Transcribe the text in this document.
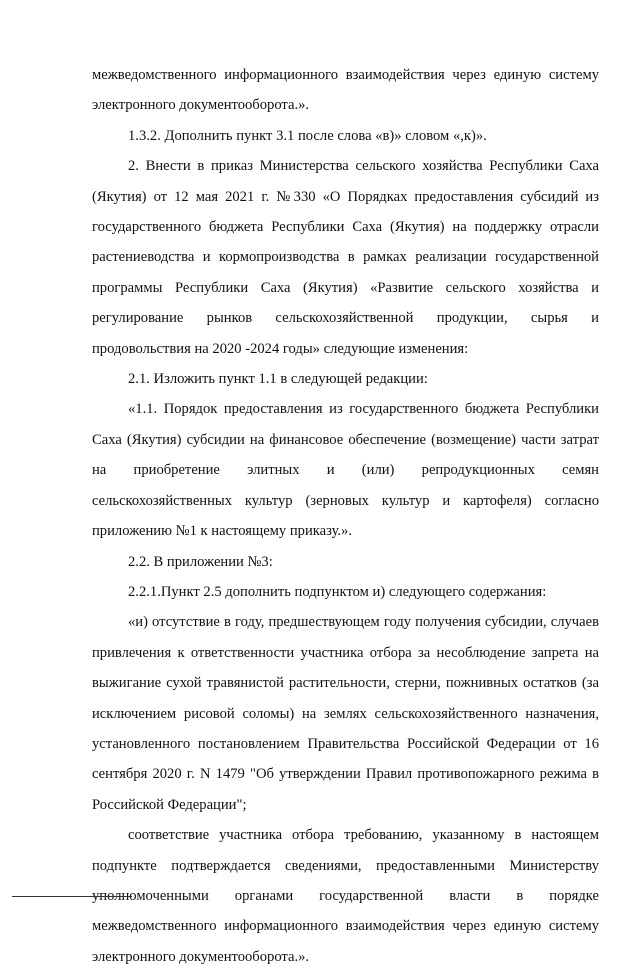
межведомственного информационного взаимодействия через единую систему электронного документооборота.».

1.3.2. Дополнить пункт 3.1 после слова «в)» словом «,к)».

2. Внести в приказ Министерства сельского хозяйства Республики Саха (Якутия) от 12 мая 2021 г. №330 «О Порядках предоставления субсидий из государственного бюджета Республики Саха (Якутия) на поддержку отрасли растениеводства и кормопроизводства в рамках реализации государственной программы Республики Саха (Якутия) «Развитие сельского хозяйства и регулирование рынков сельскохозяйственной продукции, сырья и продовольствия на 2020 -2024 годы» следующие изменения:

2.1. Изложить пункт 1.1 в следующей редакции:

«1.1. Порядок предоставления из государственного бюджета Республики Саха (Якутия) субсидии на финансовое обеспечение (возмещение) части затрат на приобретение элитных и (или) репродукционных семян сельскохозяйственных культур (зерновых культур и картофеля) согласно приложению №1 к настоящему приказу.».

2.2. В приложении №3:

2.2.1.Пункт 2.5 дополнить подпунктом и) следующего содержания:

«и) отсутствие в году, предшествующем году получения субсидии, случаев привлечения к ответственности участника отбора за несоблюдение запрета на выжигание сухой травянистой растительности, стерни, пожнивных остатков (за исключением рисовой соломы) на землях сельскохозяйственного назначения, установленного постановлением Правительства Российской Федерации от 16 сентября 2020 г. N 1479 "Об утверждении Правил противопожарного режима в Российской Федерации";

соответствие участника отбора требованию, указанному в настоящем подпункте подтверждается сведениями, предоставленными Министерству уполномоченными органами государственной власти в порядке межведомственного информационного взаимодействия через единую систему электронного документооборота.».
